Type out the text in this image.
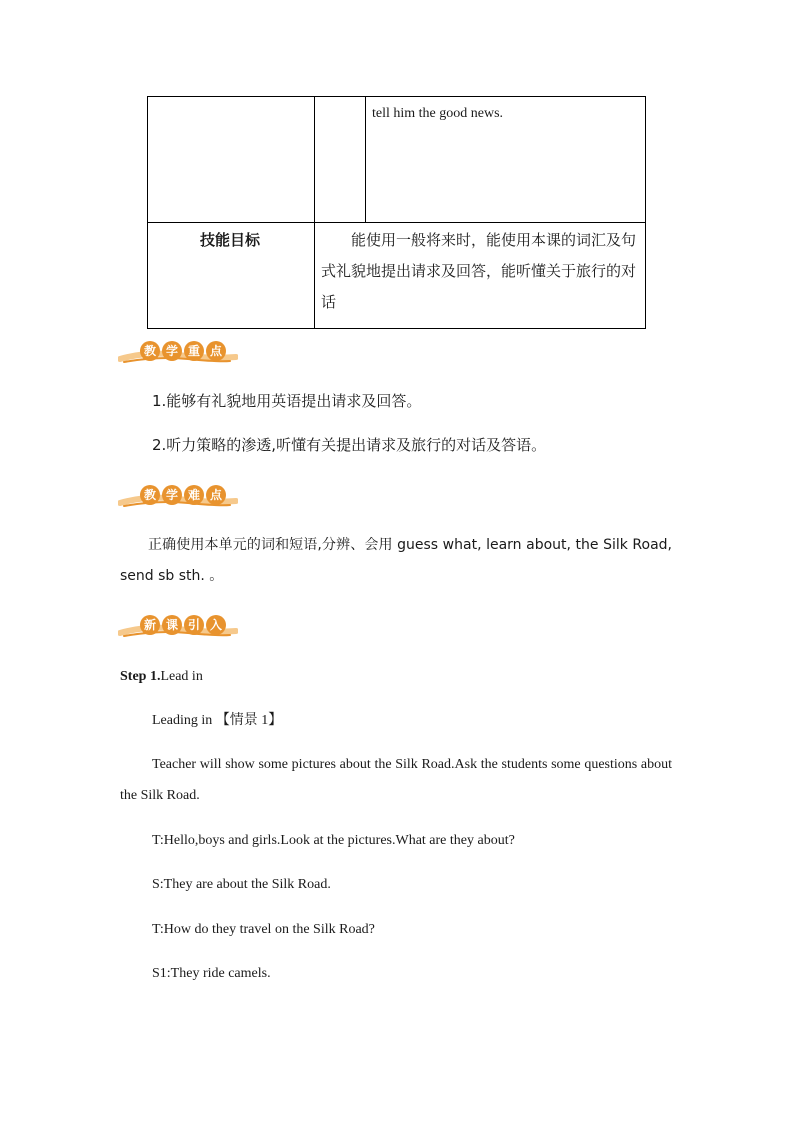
tell him the good news.
技能目标	能使用一般将来时，能使用本课的词汇及句式礼貌地提出请求及回答，能听懂关于旅行的对话
教 学 重 点
1.能够有礼貌地用英语提出请求及回答。
2.听力策略的渗透,听懂有关提出请求及旅行的对话及答语。
教 学 难 点
正确使用本单元的词和短语,分辨、会用 guess what, learn about, the Silk Road, send sb sth. 。
新 课 引 入
Step 1.Lead in
Leading in 【情景 1】
Teacher will show some pictures about the Silk Road.Ask the students some questions about the Silk Road.
T:Hello,boys and girls.Look at the pictures.What are they about?
S:They are about the Silk Road.
T:How do they travel on the Silk Road?
S1:They ride camels.
